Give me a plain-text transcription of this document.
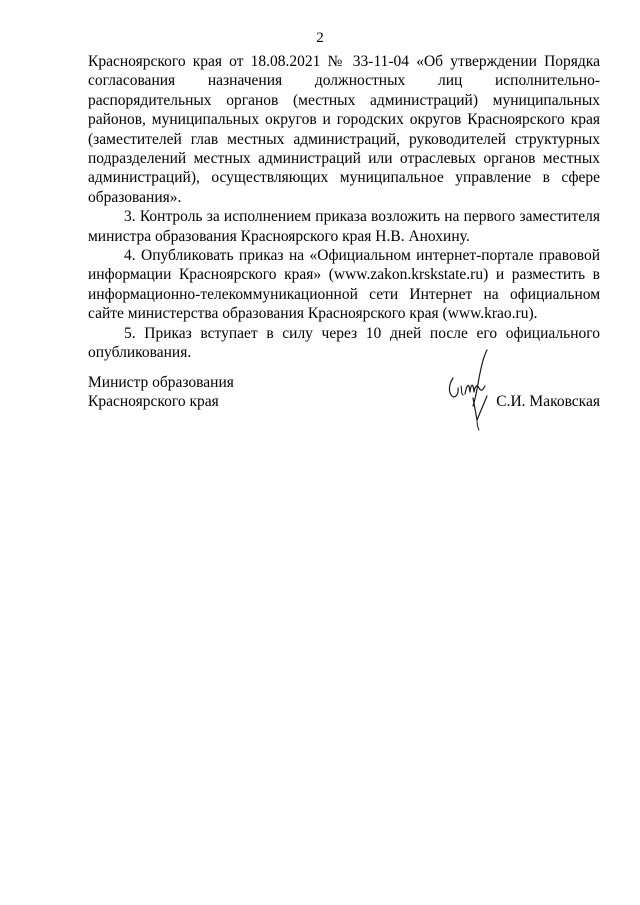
2

Красноярского края от 18.08.2021 № 33-11-04 «Об утверждении Порядка согласования назначения должностных лиц исполнительно-распорядительных органов (местных администраций) муниципальных районов, муниципальных округов и городских округов Красноярского края (заместителей глав местных администраций, руководителей структурных подразделений местных администраций или отраслевых органов местных администраций), осуществляющих муниципальное управление в сфере образования».

3. Контроль за исполнением приказа возложить на первого заместителя министра образования Красноярского края Н.В. Анохину.

4. Опубликовать приказ на «Официальном интернет-портале правовой информации Красноярского края» (www.zakon.krskstate.ru) и разместить в информационно-телекоммуникационной сети Интернет на официальном сайте министерства образования Красноярского края (www.krao.ru).

5. Приказ вступает в силу через 10 дней после его официального опубликования.

Министр образования
Красноярского края	С.И. Маковская
